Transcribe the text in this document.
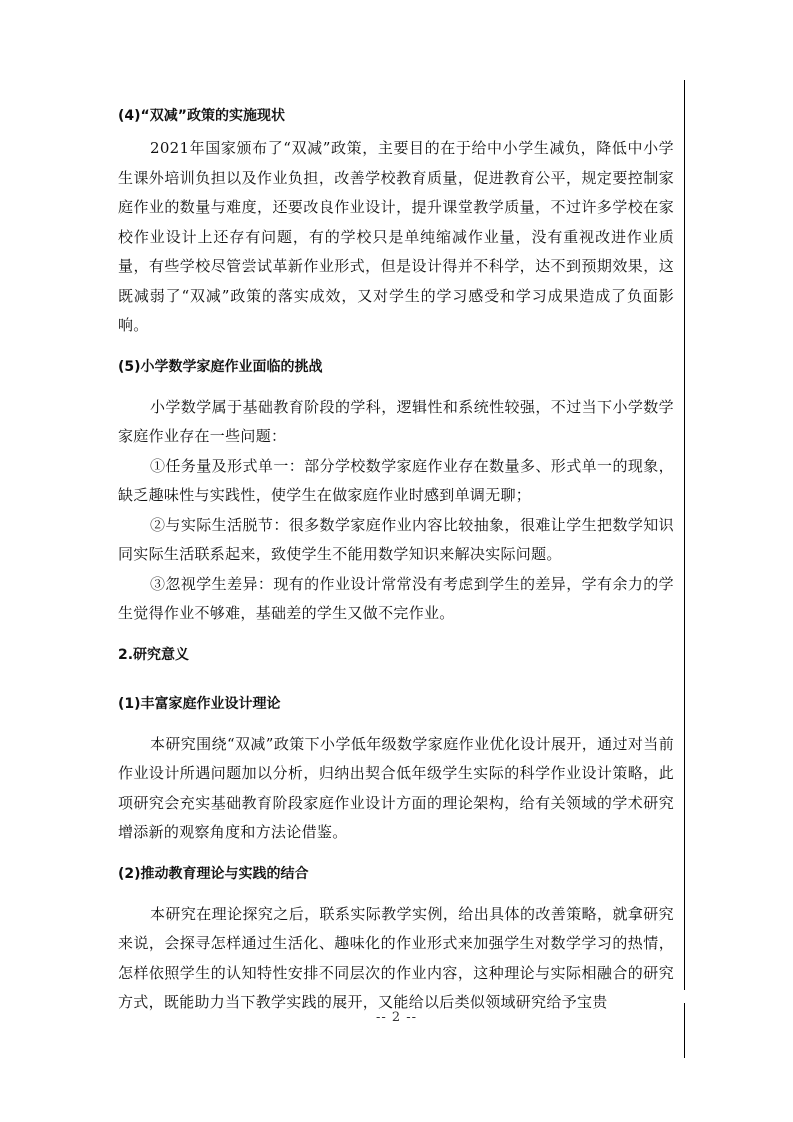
(4)“双减”政策的实施现状

2021年国家颁布了“双减”政策，主要目的在于给中小学生减负，降低中小学生课外培训负担以及作业负担，改善学校教育质量，促进教育公平，规定要控制家庭作业的数量与难度，还要改良作业设计，提升课堂教学质量，不过许多学校在家校作业设计上还存有问题，有的学校只是单纯缩减作业量，没有重视改进作业质量，有些学校尽管尝试革新作业形式，但是设计得并不科学，达不到预期效果，这既减弱了“双减”政策的落实成效，又对学生的学习感受和学习成果造成了负面影响。

(5)小学数学家庭作业面临的挑战

小学数学属于基础教育阶段的学科，逻辑性和系统性较强，不过当下小学数学家庭作业存在一些问题：

①任务量及形式单一：部分学校数学家庭作业存在数量多、形式单一的现象，缺乏趣味性与实践性，使学生在做家庭作业时感到单调无聊；

②与实际生活脱节：很多数学家庭作业内容比较抽象，很难让学生把数学知识同实际生活联系起来，致使学生不能用数学知识来解决实际问题。

③忽视学生差异：现有的作业设计常常没有考虑到学生的差异，学有余力的学生觉得作业不够难，基础差的学生又做不完作业。

2.研究意义

(1)丰富家庭作业设计理论

本研究围绕“双减”政策下小学低年级数学家庭作业优化设计展开，通过对当前作业设计所遇问题加以分析，归纳出契合低年级学生实际的科学作业设计策略，此项研究会充实基础教育阶段家庭作业设计方面的理论架构，给有关领域的学术研究增添新的观察角度和方法论借鉴。

(2)推动教育理论与实践的结合

本研究在理论探究之后，联系实际教学实例，给出具体的改善策略，就拿研究来说，会探寻怎样通过生活化、趣味化的作业形式来加强学生对数学学习的热情，怎样依照学生的认知特性安排不同层次的作业内容，这种理论与实际相融合的研究方式，既能助力当下教学实践的展开，又能给以后类似领域研究给予宝贵

-- 2 --
